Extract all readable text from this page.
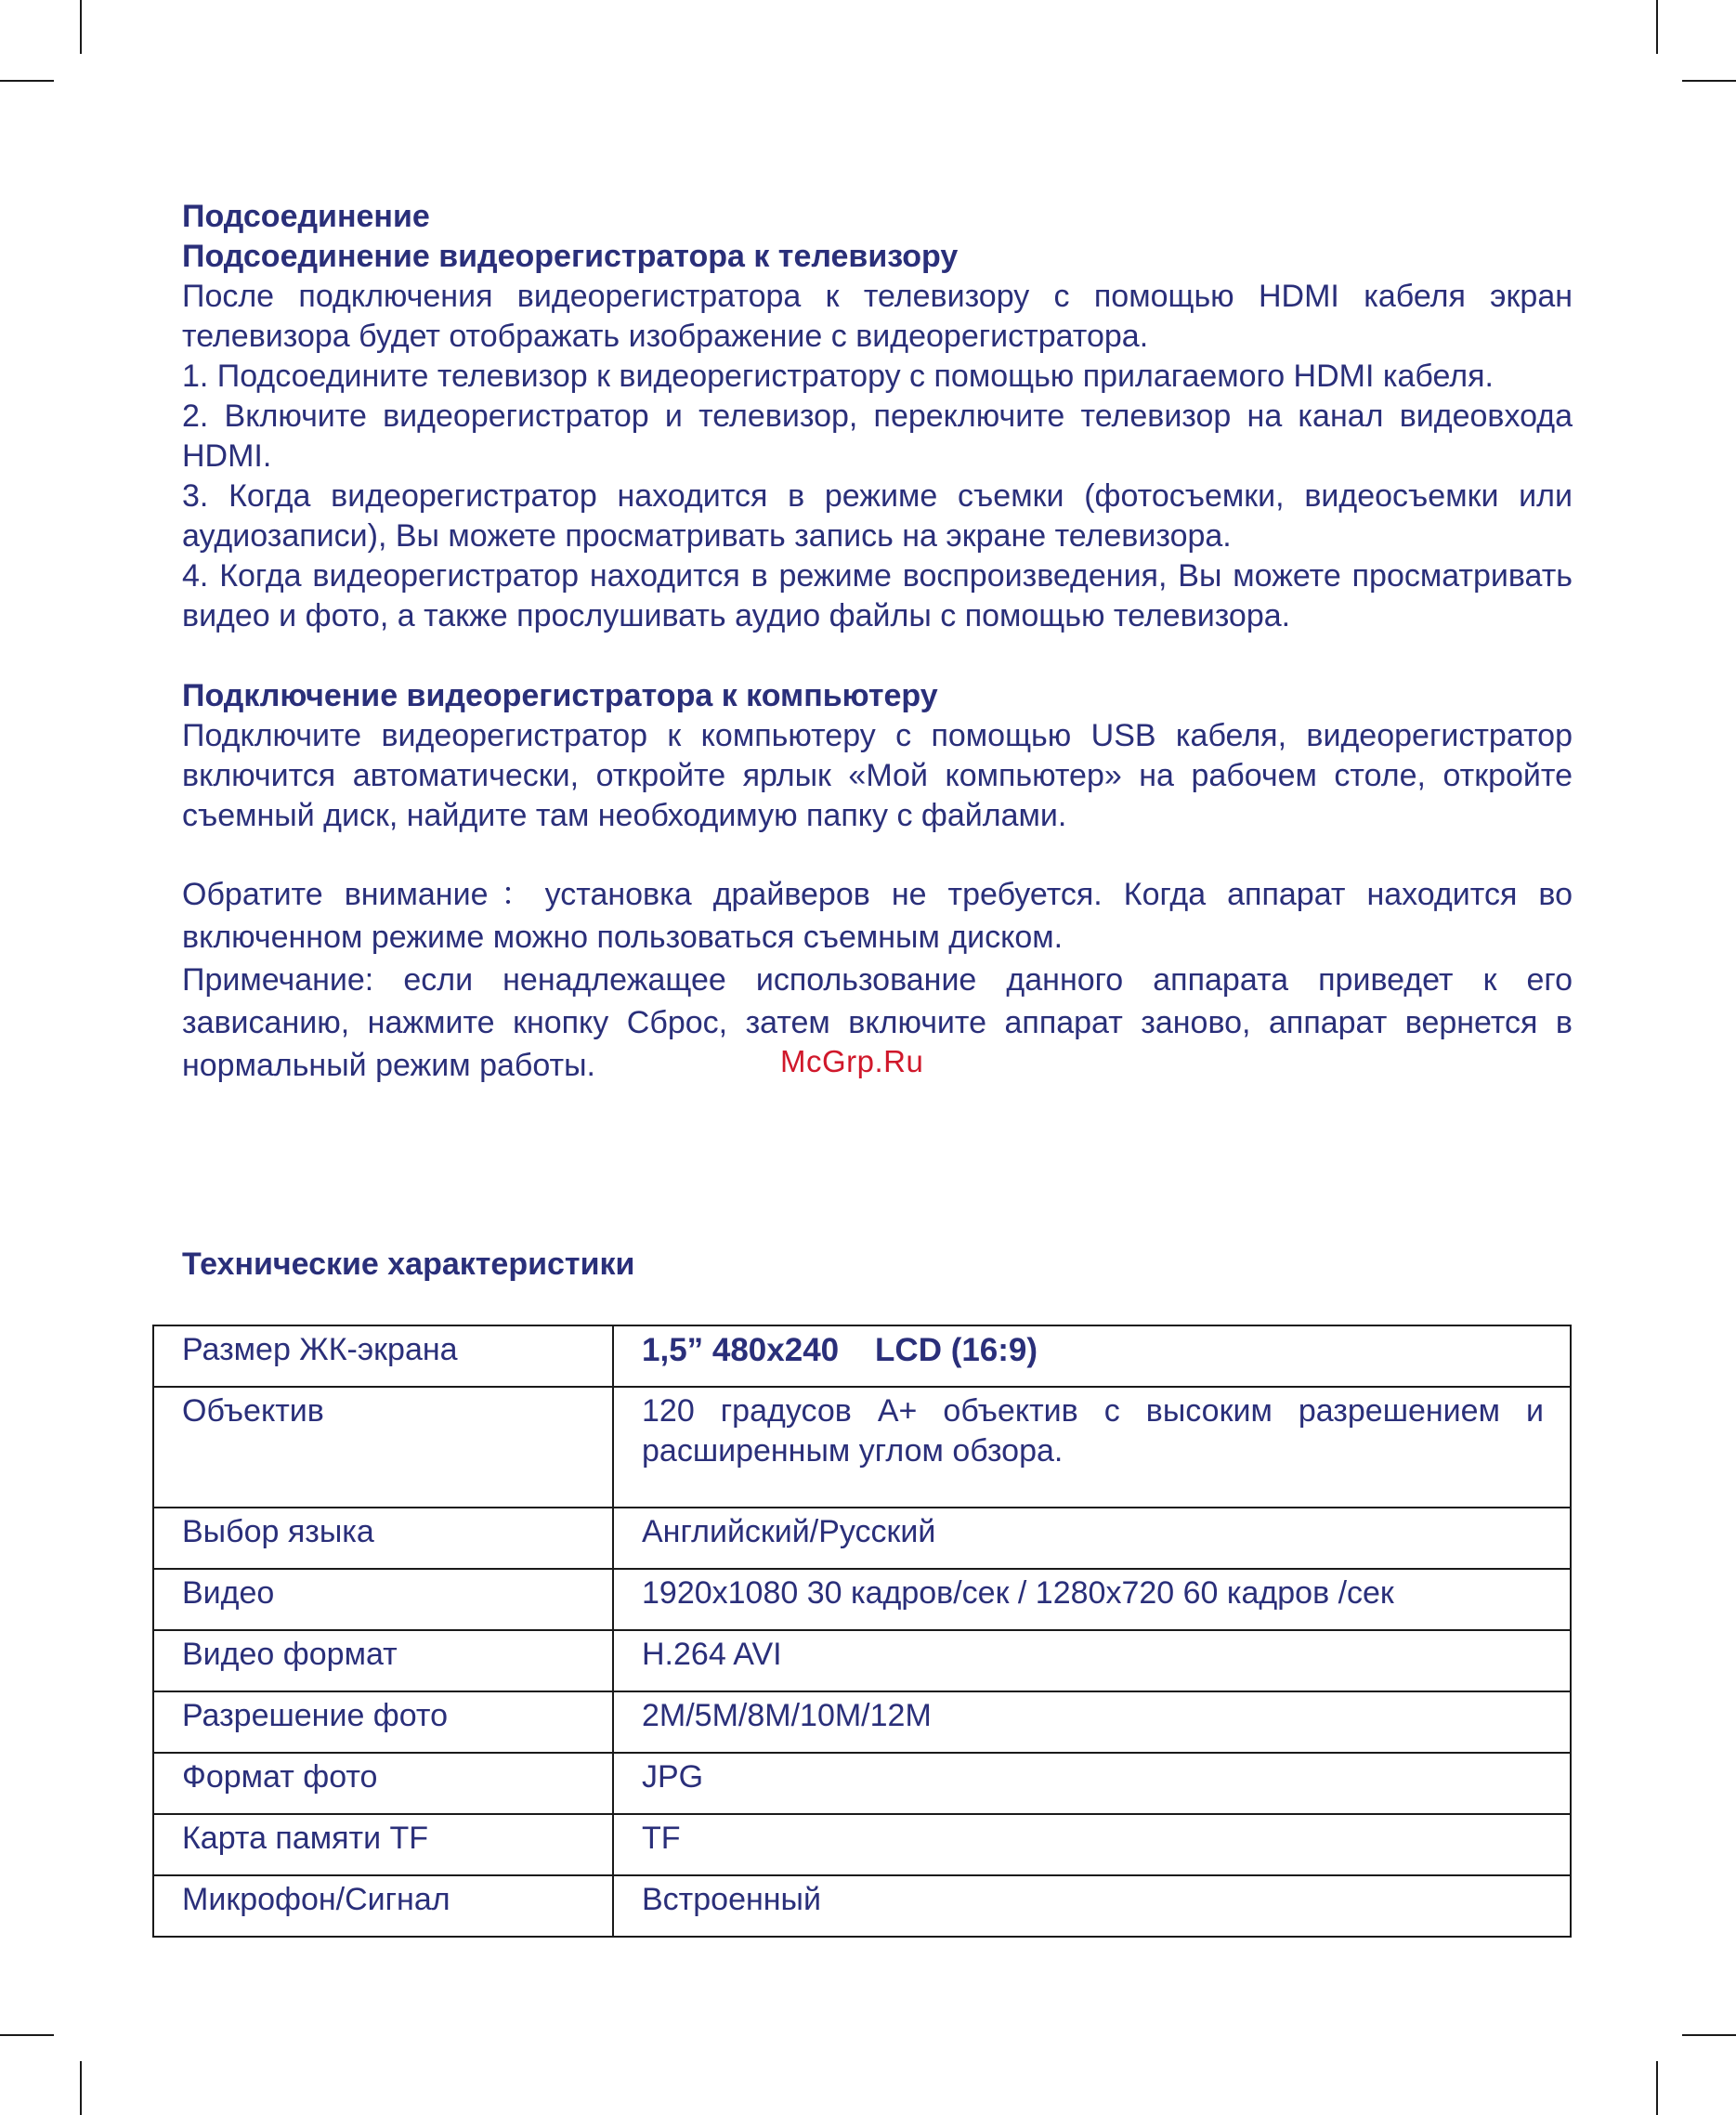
Подсоединение

Подсоединение видеорегистратора к телевизору

После подключения видеорегистратора к телевизору с помощью HDMI кабеля экран телевизора будет отображать изображение с видеорегистратора.

1. Подсоедините телевизор к видеорегистратору с помощью прилагаемого HDMI кабеля.

2. Включите видеорегистратор и телевизор, переключите телевизор на канал видеовхода HDMI.

3. Когда видеорегистратор находится в режиме съемки (фотосъемки, видеосъемки или аудиозаписи), Вы можете просматривать запись на экране телевизора.

4. Когда видеорегистратор находится в режиме воспроизведения, Вы можете просматривать видео и фото, а также прослушивать аудио файлы с помощью телевизора.

Подключение видеорегистратора к компьютеру

Подключите видеорегистратор к компьютеру с помощью USB кабеля, видеорегистратор включится автоматически, откройте ярлык «Мой компьютер» на рабочем столе, откройте съемный диск, найдите там необходимую папку с файлами.

Обратите внимание：установка драйверов не требуется. Когда аппарат находится во включенном режиме можно пользоваться съемным диском.

Примечание: если ненадлежащее использование данного аппарата приведет к его зависанию, нажмите кнопку Сброс, затем включите аппарат заново, аппарат вернется в нормальный режим работы.	McGrp.Ru

Технические характеристики

Размер ЖК-экрана	1,5” 480x240    LCD (16:9)
Объектив	120 градусов A+ объектив с высоким разрешением и расширенным углом обзора.
Выбор языка	Английский/Русский
Видео	1920x1080 30 кадров/сек / 1280x720 60 кадров /сек
Видео формат	H.264 AVI
Разрешение фото	2M/5M/8M/10M/12M
Формат фото	JPG
Карта памяти TF	TF
Микрофон/Сигнал	Встроенный
